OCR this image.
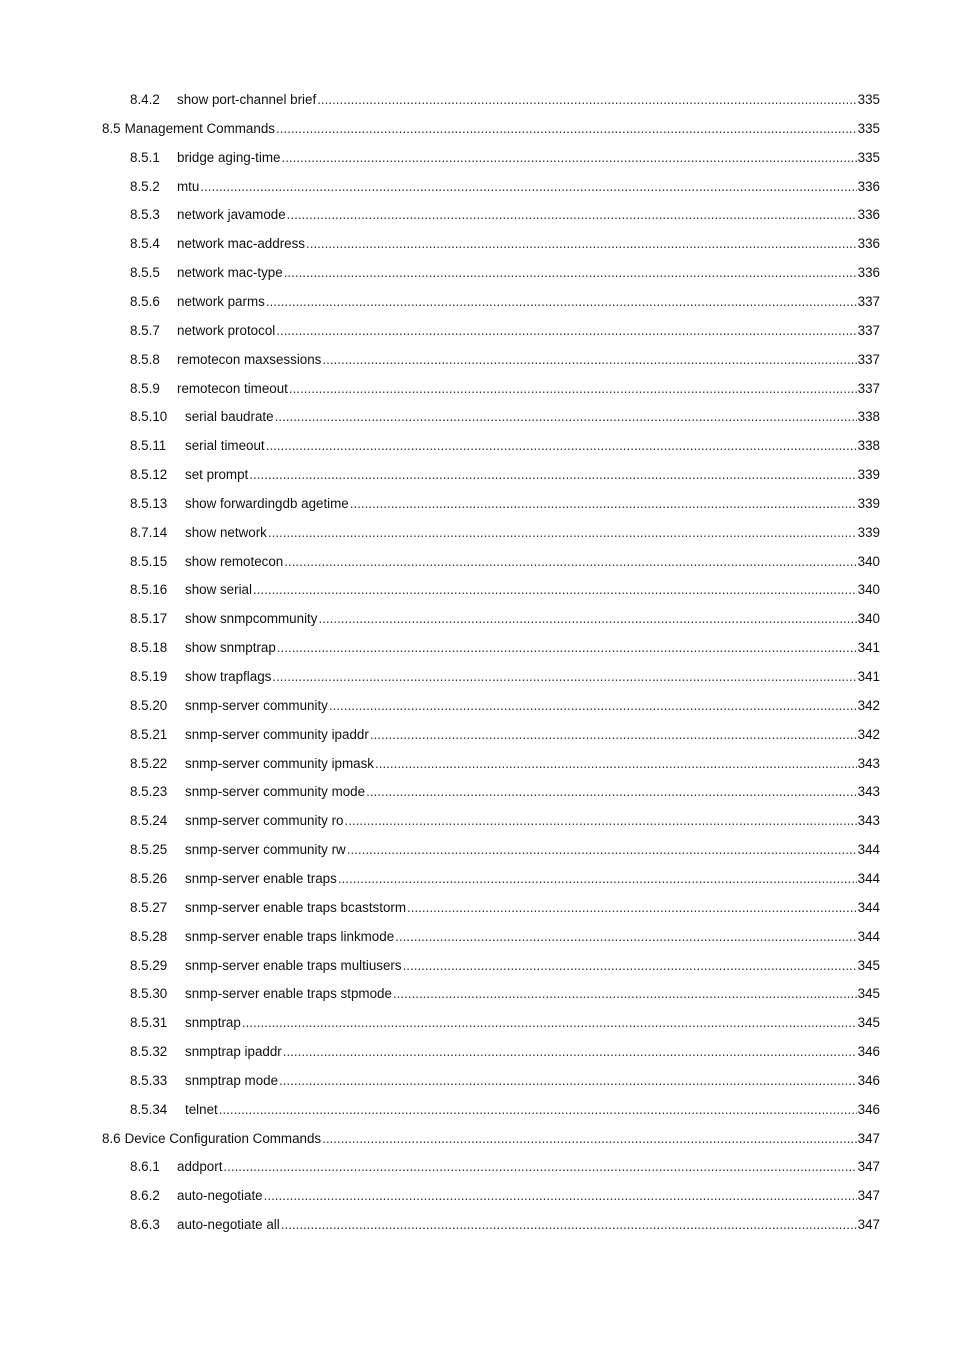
8.4.2	show port-channel brief .....	335
8.5 Management Commands .....	335
8.5.1	bridge aging-time .....	335
8.5.2	mtu .....	336
8.5.3	network javamode .....	336
8.5.4	network mac-address .....	336
8.5.5	network mac-type .....	336
8.5.6	network parms .....	337
8.5.7	network protocol .....	337
8.5.8	remotecon maxsessions .....	337
8.5.9	remotecon timeout .....	337
8.5.10	serial baudrate .....	338
8.5.11	serial timeout .....	338
8.5.12	set prompt .....	339
8.5.13	show forwardingdb agetime .....	339
8.7.14	show network .....	339
8.5.15	show remotecon .....	340
8.5.16	show serial .....	340
8.5.17	show snmpcommunity .....	340
8.5.18	show snmptrap .....	341
8.5.19	show trapflags .....	341
8.5.20	snmp-server community .....	342
8.5.21	snmp-server community ipaddr .....	342
8.5.22	snmp-server community ipmask .....	343
8.5.23	snmp-server community mode .....	343
8.5.24	snmp-server community ro .....	343
8.5.25	snmp-server community rw .....	344
8.5.26	snmp-server enable traps .....	344
8.5.27	snmp-server enable traps bcaststorm .....	344
8.5.28	snmp-server enable traps linkmode .....	344
8.5.29	snmp-server enable traps multiusers .....	345
8.5.30	snmp-server enable traps stpmode .....	345
8.5.31	snmptrap .....	345
8.5.32	snmptrap ipaddr .....	346
8.5.33	snmptrap mode .....	346
8.5.34	telnet .....	346
8.6 Device Configuration Commands .....	347
8.6.1	addport .....	347
8.6.2	auto-negotiate .....	347
8.6.3	auto-negotiate all .....	347
